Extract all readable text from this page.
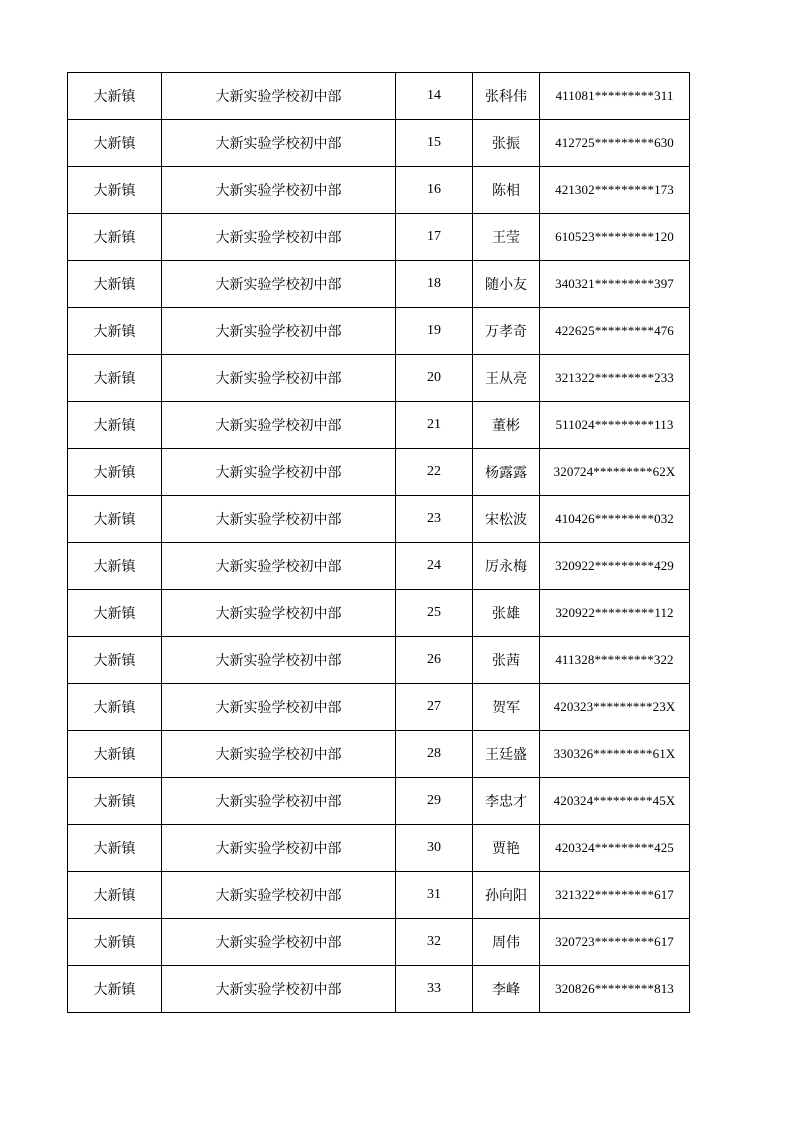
大新镇	大新实验学校初中部	14	张科伟	411081*********311
大新镇	大新实验学校初中部	15	张振	412725*********630
大新镇	大新实验学校初中部	16	陈相	421302*********173
大新镇	大新实验学校初中部	17	王莹	610523*********120
大新镇	大新实验学校初中部	18	随小友	340321*********397
大新镇	大新实验学校初中部	19	万孝奇	422625*********476
大新镇	大新实验学校初中部	20	王从亮	321322*********233
大新镇	大新实验学校初中部	21	董彬	511024*********113
大新镇	大新实验学校初中部	22	杨露露	320724*********62X
大新镇	大新实验学校初中部	23	宋松波	410426*********032
大新镇	大新实验学校初中部	24	厉永梅	320922*********429
大新镇	大新实验学校初中部	25	张雄	320922*********112
大新镇	大新实验学校初中部	26	张茜	411328*********322
大新镇	大新实验学校初中部	27	贺军	420323*********23X
大新镇	大新实验学校初中部	28	王廷盛	330326*********61X
大新镇	大新实验学校初中部	29	李忠才	420324*********45X
大新镇	大新实验学校初中部	30	贾艳	420324*********425
大新镇	大新实验学校初中部	31	孙向阳	321322*********617
大新镇	大新实验学校初中部	32	周伟	320723*********617
大新镇	大新实验学校初中部	33	李峰	320826*********813
